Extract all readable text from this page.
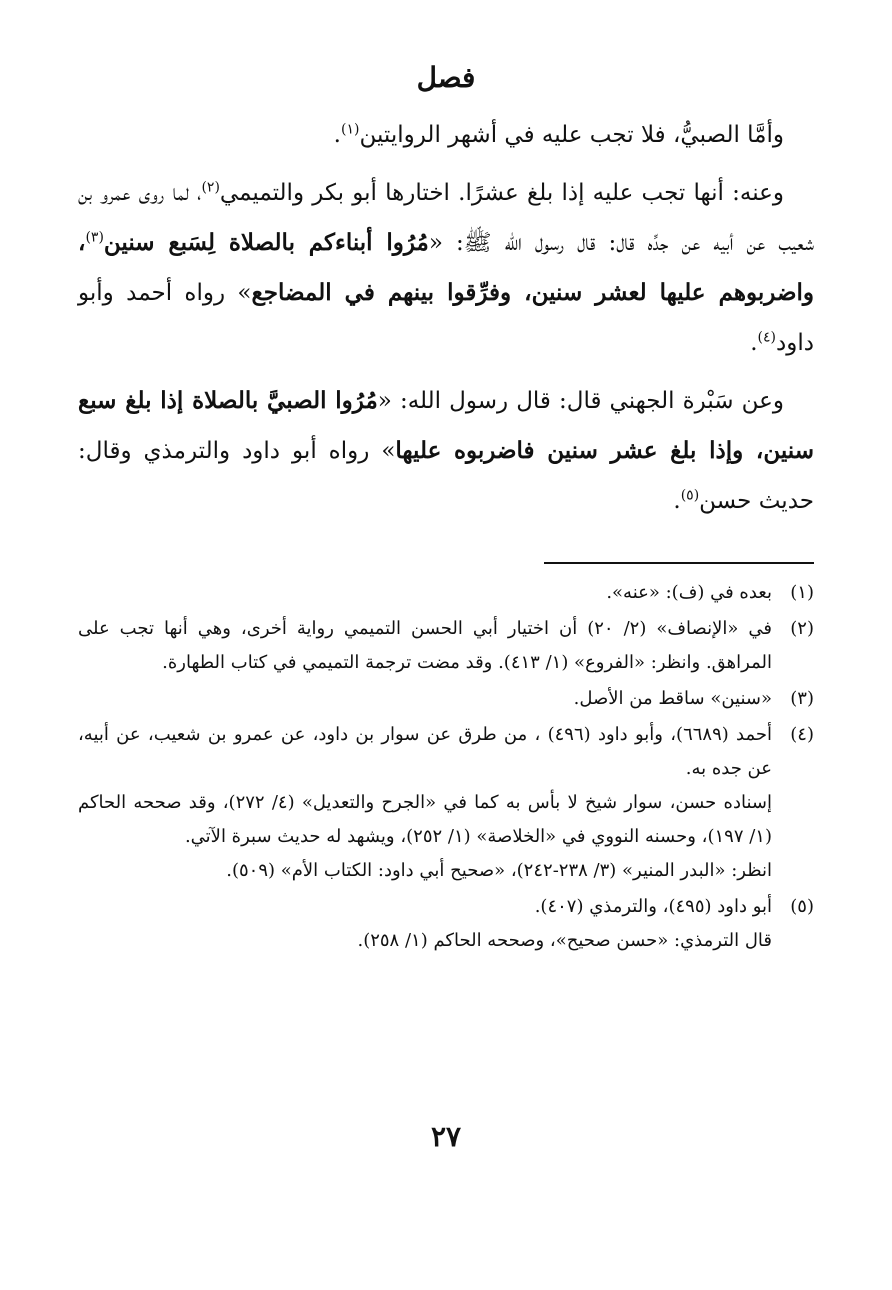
فصل

وأمَّا الصبيُّ، فلا تجب عليه في أشهر الروايتين$^{(١)}$.

وعنه: أنها تجب عليه إذا بلغ عشرًا. اختارها أبو بكر والتميمي$^{(٢)}$، لما روى عمرو بن شعيب عن أبيه عن جدِّه قال: قال رسول الله ﷺ: «مُرُوا أبناءكم بالصلاة لِسَبع سنين$^{(٣)}$، واضربوهم عليها لعشر سنين، وفرِّقوا بينهم في المضاجع» رواه أحمد وأبو داود$^{(٤)}$.

وعن سَبْرة الجهني قال: قال رسول الله: «مُرُوا الصبيَّ بالصلاة إذا بلغ سبع سنين، وإذا بلغ عشر سنين فاضربوه عليها» رواه أبو داود والترمذي وقال: حديث حسن$^{(٥)}$.

(١)
بعده في (ف): «عنه».
(٢)
في «الإنصاف» (٢/ ٢٠) أن اختيار أبي الحسن التميمي رواية أخرى، وهي أنها تجب على المراهق. وانظر: «الفروع» (١/ ٤١٣). وقد مضت ترجمة التميمي في كتاب الطهارة.
(٣)
«سنين» ساقط من الأصل.
(٤)
أحمد (٦٦٨٩)، وأبو داود (٤٩٦) ، من طرق عن سوار بن داود، عن عمرو بن شعيب، عن أبيه، عن جده به.
إسناده حسن، سوار شيخ لا بأس به كما في «الجرح والتعديل» (٤/ ٢٧٢)، وقد صححه الحاكم (١/ ١٩٧)، وحسنه النووي في «الخلاصة» (١/ ٢٥٢)، ويشهد له حديث سبرة الآتي.
انظر: «البدر المنير» (٣/ ٢٣٨-٢٤٢)، «صحيح أبي داود: الكتاب الأم» (٥٠٩).
(٥)
أبو داود (٤٩٥)، والترمذي (٤٠٧).
قال الترمذي: «حسن صحيح»، وصححه الحاكم (١/ ٢٥٨).
٢٧
